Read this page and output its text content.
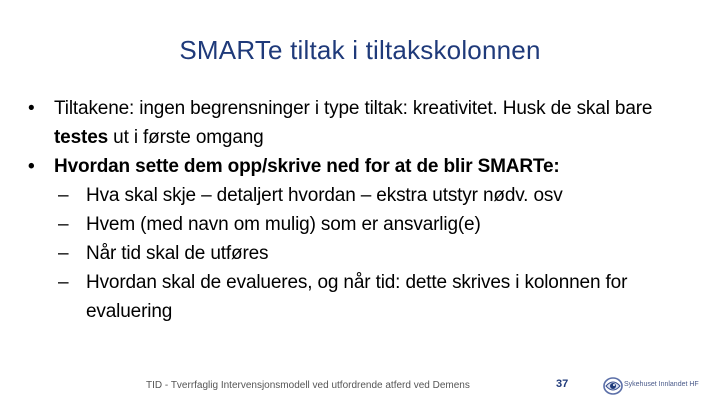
SMARTe tiltak i tiltakskolonnen
•	Tiltakene: ingen begrensninger i type tiltak: kreativitet. Husk de skal bare testes ut i første omgang
•	Hvordan sette dem opp/skrive ned for at de blir SMARTe:
– Hva skal skje – detaljert hvordan – ekstra utstyr nødv. osv
– Hvem (med navn om mulig) som er ansvarlig(e)
– Når tid skal de utføres
– Hvordan skal de evalueres, og når tid: dette skrives i kolonnen for evaluering
TID - Tverrfaglig Intervensjonsmodell ved utfordrende atferd ved Demens	37	Sykehuset Innlandet HF
